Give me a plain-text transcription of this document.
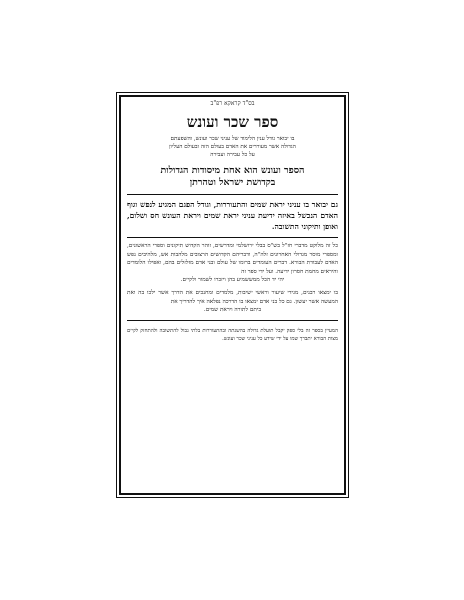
בס"ד קראקא רפ"ב
ספר שכר ועונש
בו יבואר גודל ענין הלימוד של עניני שכר ועונש, והשפעתם
הגדולה אשר מעוררים את האדם בעולם הזה ובעולם העליון
על כל עבירה ועבירה
הספר ועונש הוא אחת מיסודות הגדולות
בקדושת ישראל וטהרתן

גם יבואר בו עניני יראת שמים והתעוררות, וגודל הפגם המגיע לנפש וגוף האדם הנכשל באיזה ידיעת עניני יראת שמים ויראת העונש חס ושלום, ואופן ותיקוני התשובה.

כל זה מלוקט מדברי חז"ל בש"ס בבלי ירושלמי ומדרשים, זוהר הקדוש תיקונים וספרי הראשונים, ומספרי מוסר מגדולי האחרונים זלה"ה, ודבריהם הקדושים הרצובים מלהבות אש, מלהיבים נפש האדם לעבודת הבורא. דברים העומדים ברומו של עולם ובני אדם מזלזלים בהם, ואפילו הלומדים והיראים מחמת חסרון ידיעה. ועל ידי ספר זה

יהי יד הכל ממששמיע בהן ויזכרו לשמור ולקיים.

בו ימצאו רבנים, מגידי שיעור וראשי ישיבות, מלמדים ומחנכים את הדרך אשר ילכו בה ואת המעשה אשר יעשון. גם כל בני אדם ימצאו בו הדרכה נפלאה איך להדריך את

ביתם לתורה ויראת שמים.

המעיין בספר זה בלי ספק יקבל תועלת גדולה בהשגתה ובהתעוררות בלתי גבול להתשובה ולהתחזק לקיים מצות הבורא יתברך שמו על ידי שידע כל עניני שכר ועונש.
